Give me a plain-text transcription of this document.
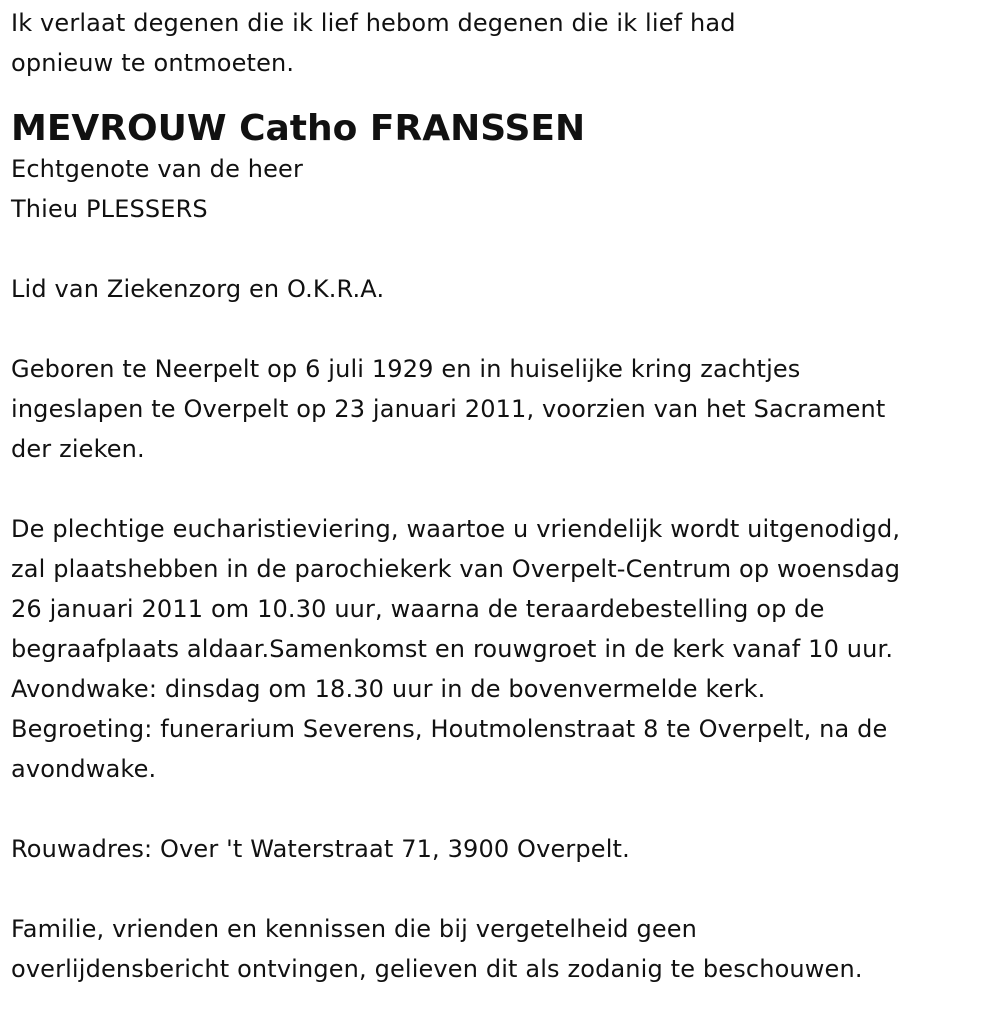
Ik verlaat degenen die ik lief hebom degenen die ik lief had
opnieuw te ontmoeten.
MEVROUW Catho FRANSSEN
Echtgenote van de heer
Thieu PLESSERS
Lid van Ziekenzorg en O.K.R.A.
Geboren te Neerpelt op 6 juli 1929 en in huiselijke kring zachtjes
ingeslapen te Overpelt op 23 januari 2011, voorzien van het Sacrament
der zieken.
De plechtige eucharistieviering, waartoe u vriendelijk wordt uitgenodigd,
zal plaatshebben in de parochiekerk van Overpelt-Centrum op woensdag
26 januari 2011 om 10.30 uur, waarna de teraardebestelling op de
begraafplaats aldaar.Samenkomst en rouwgroet in de kerk vanaf 10 uur.
Avondwake: dinsdag om 18.30 uur in de bovenvermelde kerk.
Begroeting: funerarium Severens, Houtmolenstraat 8 te Overpelt, na de
avondwake.
Rouwadres: Over 't Waterstraat 71, 3900 Overpelt.
Familie, vrienden en kennissen die bij vergetelheid geen
overlijdensbericht ontvingen, gelieven dit als zodanig te beschouwen.
